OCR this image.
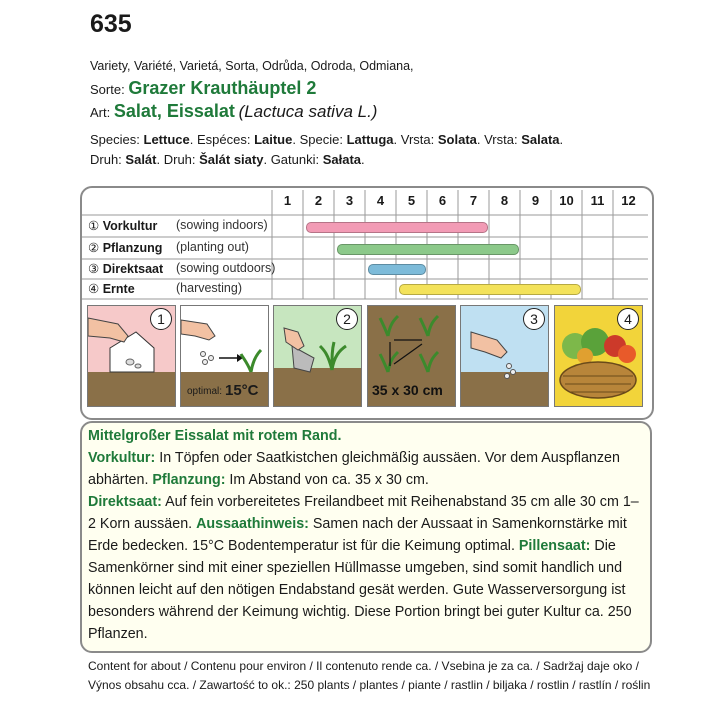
635
Variety, Variété, Varietá, Sorta, Odrůda, Odroda, Odmiana,
Sorte: Grazer Krauthäuptel 2
Art: Salat, Eissalat (Lactuca sativa L.)
Species: Lettuce. Espéces: Laitue. Specie: Lattuga. Vrsta: Solata. Vrsta: Salata.
Druh: Salát. Druh: Šalát siaty. Gatunki: Sałata.
1	2	3	4	5	6	7	8	9	10	11	12
① Vorkultur (sowing indoors)
② Pflanzung (planting out)
③ Direktsaat (sowing outdoors)
④ Ernte	(harvesting)
1
optimal: 15°C
2
35 x 30 cm
3	4
Mittelgroßer Eissalat mit rotem Rand.
Vorkultur: In Töpfen oder Saatkistchen gleichmäßig aussäen. Vor dem Auspflanzen abhärten. Pflanzung: Im Abstand von ca. 35 x 30 cm.
Direktsaat: Auf fein vorbereitetes Freilandbeet mit Reihenabstand 35 cm alle 30 cm 1–2 Korn aussäen. Aussaathinweis: Samen nach der Aussaat in Samenkornstärke mit Erde bedecken. 15°C Bodentemperatur ist für die Keimung optimal. Pillensaat: Die Samenkörner sind mit einer speziellen Hüllmasse umgeben, sind somit handlich und können leicht auf den nötigen Endabstand gesät werden. Gute Wasserversorgung ist besonders während der Keimung wichtig. Diese Portion bringt bei guter Kultur ca. 250 Pflanzen.
Content for about / Contenu pour environ / Il contenuto rende ca. / Vsebina je za ca. / Sadržaj daje oko /
Výnos obsahu cca. / Zawartość to ok.: 250 plants / plantes / piante / rastlin / biljaka / rostlin / rastlín / roślin
